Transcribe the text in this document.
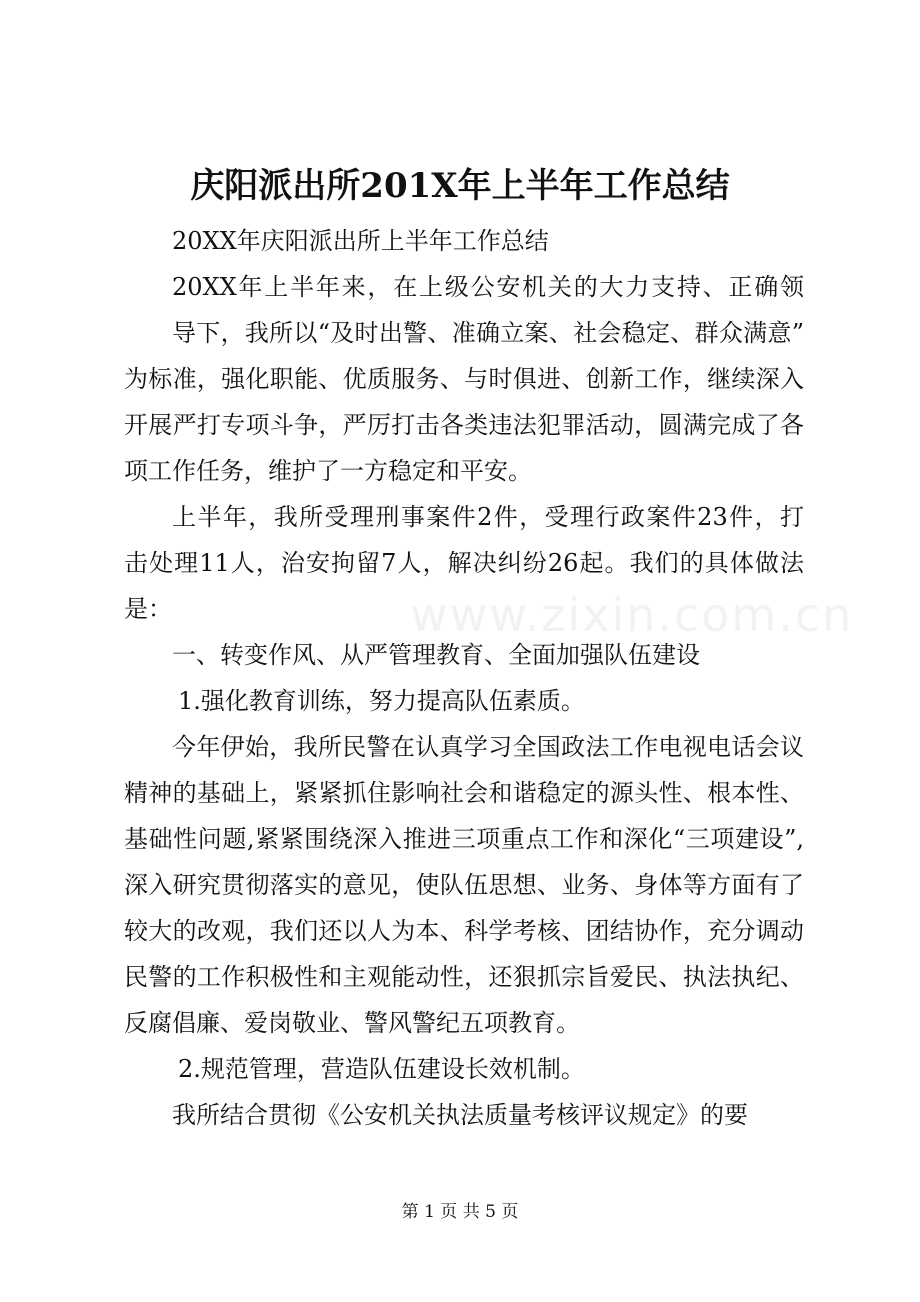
庆阳派出所201X年上半年工作总结
www.zixin.com.cn
20XX年庆阳派出所上半年工作总结
20XX年上半年来，在上级公安机关的大力支持、正确领
导下，我所以“及时出警、准确立案、社会稳定、群众满意”
为标准，强化职能、优质服务、与时俱进、创新工作，继续深入
开展严打专项斗争，严厉打击各类违法犯罪活动，圆满完成了各
项工作任务，维护了一方稳定和平安。
上半年，我所受理刑事案件2件，受理行政案件23件，打
击处理11人，治安拘留7人，解决纠纷26起。我们的具体做法
是：
一、转变作风、从严管理教育、全面加强队伍建设
1.强化教育训练，努力提高队伍素质。
今年伊始，我所民警在认真学习全国政法工作电视电话会议
精神的基础上，紧紧抓住影响社会和谐稳定的源头性、根本性、
基础性问题,紧紧围绕深入推进三项重点工作和深化“三项建设”,
深入研究贯彻落实的意见，使队伍思想、业务、身体等方面有了
较大的改观，我们还以人为本、科学考核、团结协作，充分调动
民警的工作积极性和主观能动性，还狠抓宗旨爱民、执法执纪、
反腐倡廉、爱岗敬业、警风警纪五项教育。
2.规范管理，营造队伍建设长效机制。
我所结合贯彻《公安机关执法质量考核评议规定》的要
第 1 页 共 5 页
